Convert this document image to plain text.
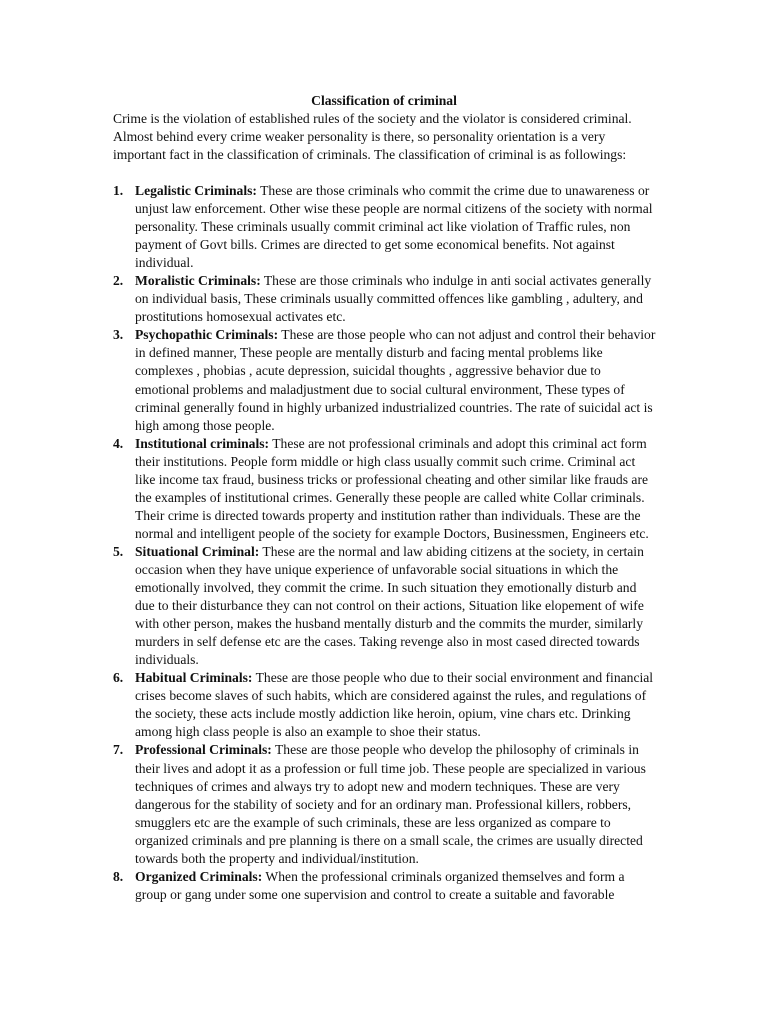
Classification of criminal

Crime is the violation of established rules of the society and the violator is considered criminal. Almost behind every crime weaker personality is there, so personality orientation is a very important fact in the classification of criminals. The classification of criminal is as followings:

1. Legalistic Criminals: These are those criminals who commit the crime due to unawareness or unjust law enforcement. Other wise these people are normal citizens of the society with normal personality. These criminals usually commit criminal act like violation of Traffic rules, non payment of Govt bills. Crimes are directed to get some economical benefits. Not against individual.
2. Moralistic Criminals: These are those criminals who indulge in anti social activates generally on individual basis, These criminals usually committed offences like gambling , adultery, and prostitutions homosexual activates etc.
3. Psychopathic Criminals: These are those people who can not adjust and control their behavior in defined manner, These people are mentally disturb and facing mental problems like complexes , phobias , acute depression, suicidal thoughts , aggressive behavior due to emotional problems and maladjustment due to social cultural environment, These types of criminal generally found in highly urbanized industrialized countries. The rate of suicidal act is high among those people.
4. Institutional criminals: These are not professional criminals and adopt this criminal act form their institutions. People form middle or high class usually commit such crime. Criminal act like income tax fraud, business tricks or professional cheating and other similar like frauds are the examples of institutional crimes. Generally these people are called white Collar criminals. Their crime is directed towards property and institution rather than individuals. These are the normal and intelligent people of the society for example Doctors, Businessmen, Engineers etc.
5. Situational Criminal: These are the normal and law abiding citizens at the society, in certain occasion when they have unique experience of unfavorable social situations in which the emotionally involved, they commit the crime. In such situation they emotionally disturb and due to their disturbance they can not control on their actions, Situation like elopement of wife with other person, makes the husband mentally disturb and the commits the murder, similarly murders in self defense etc are the cases. Taking revenge also in most cased directed towards individuals.
6. Habitual Criminals: These are those people who due to their social environment and financial crises become slaves of such habits, which are considered against the rules, and regulations of the society, these acts include mostly addiction like heroin, opium, vine chars etc. Drinking among high class people is also an example to shoe their status.
7. Professional Criminals: These are those people who develop the philosophy of criminals in their lives and adopt it as a profession or full time job. These people are specialized in various techniques of crimes and always try to adopt new and modern techniques. These are very dangerous for the stability of society and for an ordinary man. Professional killers, robbers, smugglers etc are the example of such criminals, these are less organized as compare to organized criminals and pre planning is there on a small scale, the crimes are usually directed towards both the property and individual/institution.
8. Organized Criminals: When the professional criminals organized themselves and form a group or gang under some one supervision and control to create a suitable and favorable
